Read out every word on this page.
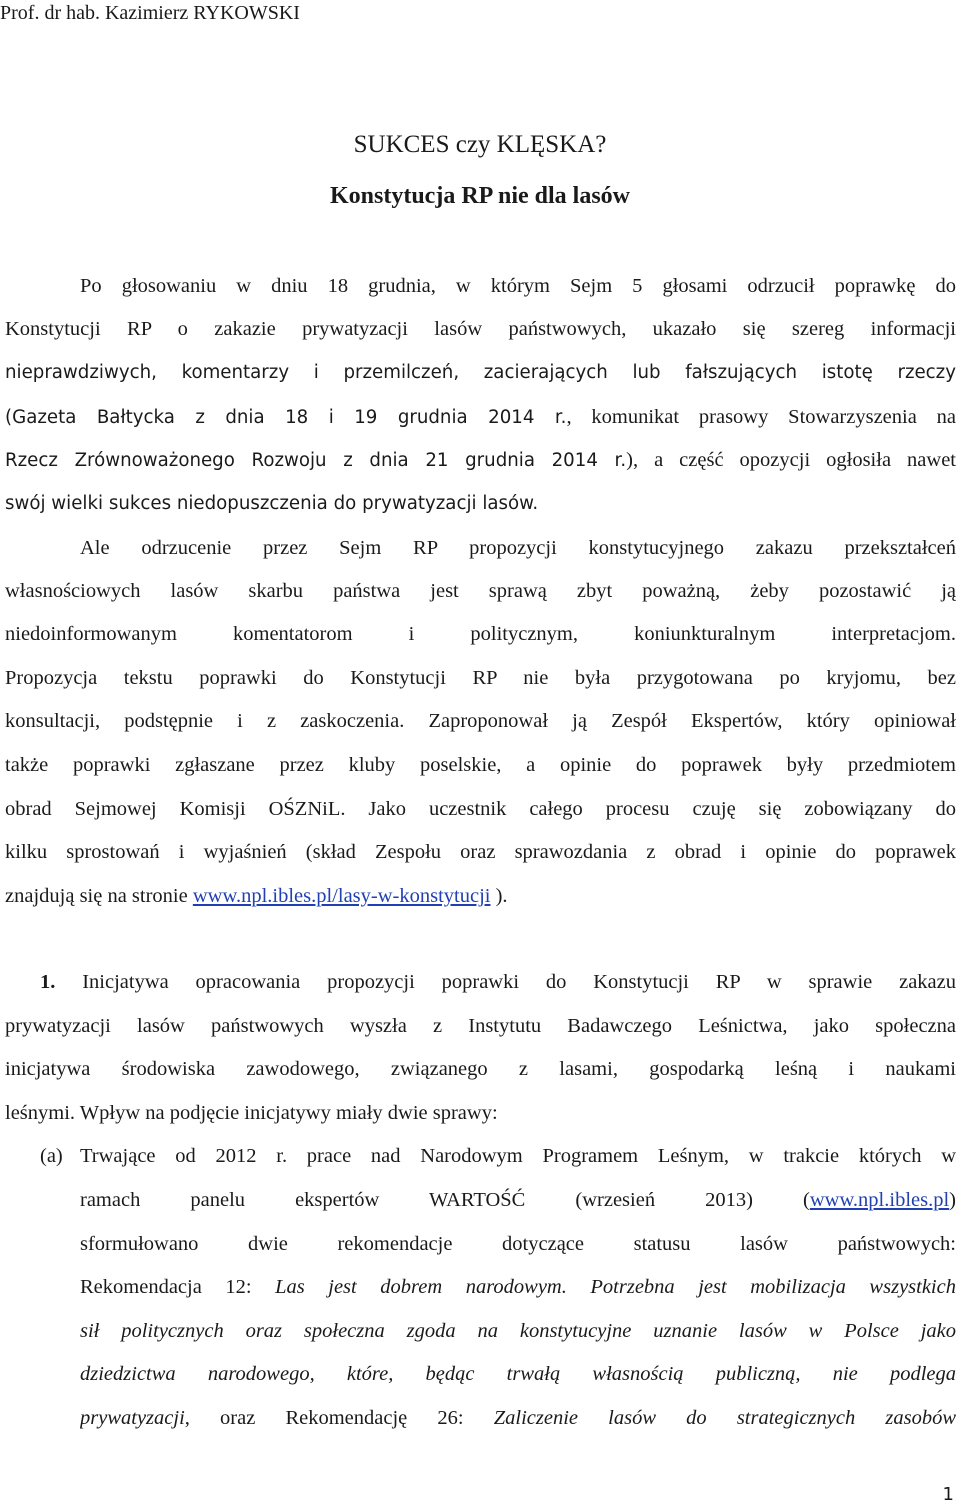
Prof. dr hab. Kazimierz RYKOWSKI
SUKCES czy KLĘSKA?
Konstytucja RP nie dla lasów
Po głosowaniu w dniu 18 grudnia, w którym Sejm 5 głosami odrzucił poprawkę do
Konstytucji RP o zakazie prywatyzacji lasów państwowych, ukazało się szereg informacji
nieprawdziwych, komentarzy i przemilczeń, zacierających lub fałszujących istotę rzeczy
(Gazeta Bałtycka z dnia 18 i 19 grudnia 2014 r., komunikat prasowy Stowarzyszenia na
Rzecz Zrównoważonego Rozwoju z dnia 21 grudnia 2014 r.), a część opozycji ogłosiła nawet
swój wielki sukces niedopuszczenia do prywatyzacji lasów.
Ale odrzucenie przez Sejm RP propozycji konstytucyjnego zakazu przekształceń
własnościowych lasów skarbu państwa jest sprawą zbyt poważną, żeby pozostawić ją
niedoinformowanym komentatorom i politycznym, koniunkturalnym interpretacjom.
Propozycja tekstu poprawki do Konstytucji RP nie była przygotowana po kryjomu, bez
konsultacji, podstępnie i z zaskoczenia. Zaproponował ją Zespół Ekspertów, który opiniował
także poprawki zgłaszane przez kluby poselskie, a opinie do poprawek były przedmiotem
obrad Sejmowej Komisji OŚZNiL. Jako uczestnik całego procesu czuję się zobowiązany do
kilku sprostowań i wyjaśnień (skład Zespołu oraz sprawozdania z obrad i opinie do poprawek
znajdują się na stronie www.npl.ibles.pl/lasy-w-konstytucji ).
1. Inicjatywa opracowania propozycji poprawki do Konstytucji RP w sprawie zakazu
prywatyzacji lasów państwowych wyszła z Instytutu Badawczego Leśnictwa, jako społeczna
inicjatywa środowiska zawodowego, związanego z lasami, gospodarką leśną i naukami
leśnymi. Wpływ na podjęcie inicjatywy miały dwie sprawy:
(a) Trwające od 2012 r. prace nad Narodowym Programem Leśnym, w trakcie których w
ramach panelu ekspertów WARTOŚĆ (wrzesień 2013) (www.npl.ibles.pl)
sformułowano dwie rekomendacje dotyczące statusu lasów państwowych:
Rekomendacja 12: Las jest dobrem narodowym. Potrzebna jest mobilizacja wszystkich
sił politycznych oraz społeczna zgoda na konstytucyjne uznanie lasów w Polsce jako
dziedzictwa narodowego, które, będąc trwałą własnością publiczną, nie podlega
prywatyzacji, oraz Rekomendację 26: Zaliczenie lasów do strategicznych zasobów
1
